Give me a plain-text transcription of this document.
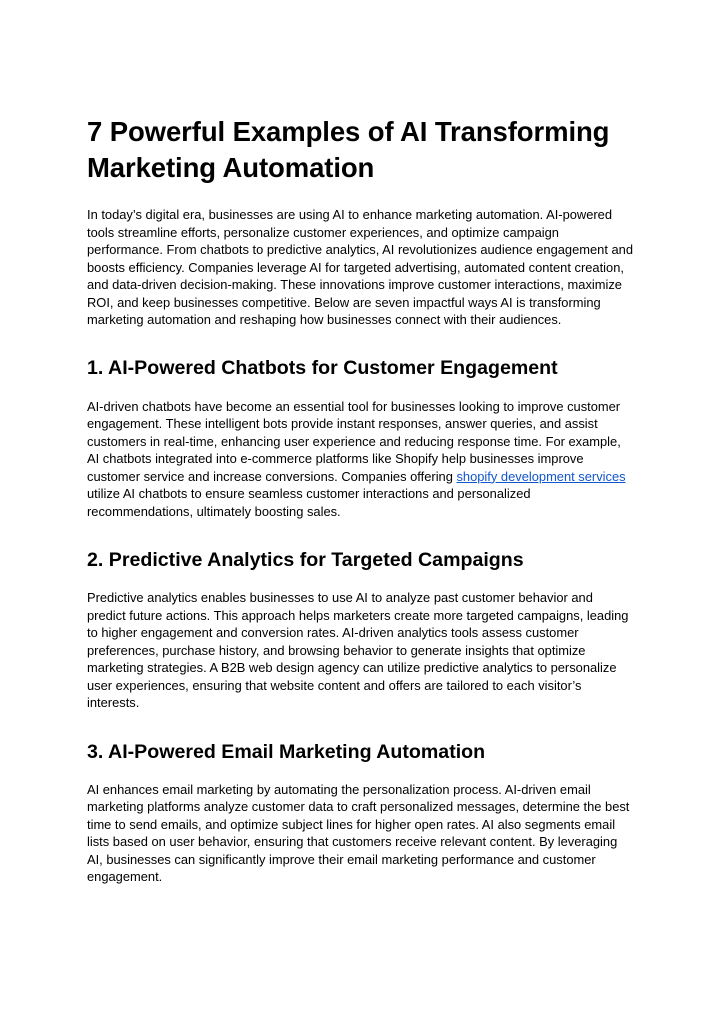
7 Powerful Examples of AI Transforming Marketing Automation

In today’s digital era, businesses are using AI to enhance marketing automation. AI-powered tools streamline efforts, personalize customer experiences, and optimize campaign performance. From chatbots to predictive analytics, AI revolutionizes audience engagement and boosts efficiency. Companies leverage AI for targeted advertising, automated content creation, and data-driven decision-making. These innovations improve customer interactions, maximize ROI, and keep businesses competitive. Below are seven impactful ways AI is transforming marketing automation and reshaping how businesses connect with their audiences.

1. AI-Powered Chatbots for Customer Engagement

AI-driven chatbots have become an essential tool for businesses looking to improve customer engagement. These intelligent bots provide instant responses, answer queries, and assist customers in real-time, enhancing user experience and reducing response time. For example, AI chatbots integrated into e-commerce platforms like Shopify help businesses improve customer service and increase conversions. Companies offering shopify development services utilize AI chatbots to ensure seamless customer interactions and personalized recommendations, ultimately boosting sales.

2. Predictive Analytics for Targeted Campaigns

Predictive analytics enables businesses to use AI to analyze past customer behavior and predict future actions. This approach helps marketers create more targeted campaigns, leading to higher engagement and conversion rates. AI-driven analytics tools assess customer preferences, purchase history, and browsing behavior to generate insights that optimize marketing strategies. A B2B web design agency can utilize predictive analytics to personalize user experiences, ensuring that website content and offers are tailored to each visitor’s interests.

3. AI-Powered Email Marketing Automation

AI enhances email marketing by automating the personalization process. AI-driven email marketing platforms analyze customer data to craft personalized messages, determine the best time to send emails, and optimize subject lines for higher open rates. AI also segments email lists based on user behavior, ensuring that customers receive relevant content. By leveraging AI, businesses can significantly improve their email marketing performance and customer engagement.
